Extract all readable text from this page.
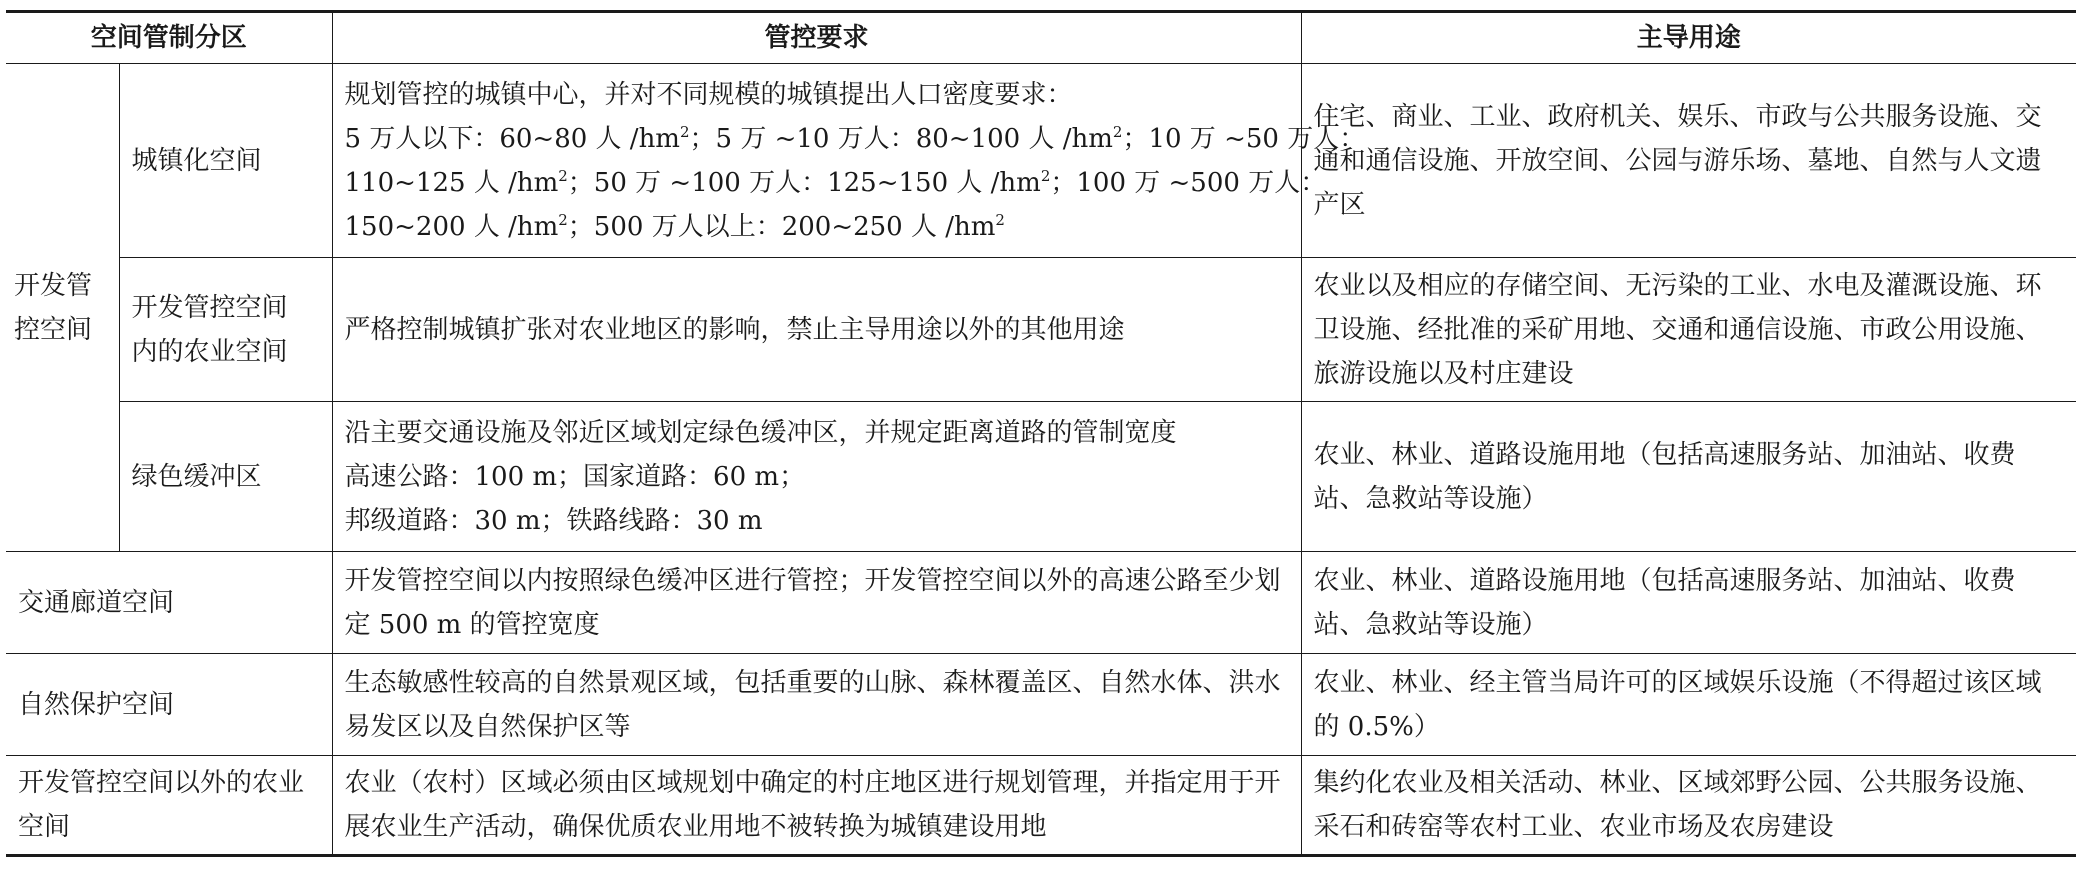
空间管制分区		管控要求	主导用途

开发管
控空间	城镇化空间	规划管控的城镇中心，并对不同规模的城镇提出人口密度要求：
5 万人以下：60~80 人 $/hm^2$；5 万 ~10 万人：80~100 人 $/hm^2$；10 万 ~50 万人：
110~125 人 $/hm^2$；50 万 ~100 万人：125~150 人 $/hm^2$；100 万 ~500 万人：
150~200 人 $/hm^2$；500 万人以上：200~250 人 $/hm^2$	住宅、商业、工业、政府机关、娱乐、市政与公共服务设施、交通和通信设施、开放空间、公园与游乐场、墓地、自然与人文遗产区

	开发管控空间
内的农业空间	严格控制城镇扩张对农业地区的影响，禁止主导用途以外的其他用途	农业以及相应的存储空间、无污染的工业、水电及灌溉设施、环卫设施、经批准的采矿用地、交通和通信设施、市政公用设施、旅游设施以及村庄建设
	绿色缓冲区	沿主要交通设施及邻近区域划定绿色缓冲区，并规定距离道路的管制宽度
高速公路：100 m；国家道路：60 m；
邦级道路：30 m；铁路线路：30 m	农业、林业、道路设施用地（包括高速服务站、加油站、收费站、急救站等设施）
交通廊道空间		开发管控空间以内按照绿色缓冲区进行管控；开发管控空间以外的高速公路至少划定 500 m 的管控宽度	农业、林业、道路设施用地（包括高速服务站、加油站、收费站、急救站等设施）
自然保护空间		生态敏感性较高的自然景观区域，包括重要的山脉、森林覆盖区、自然水体、洪水易发区以及自然保护区等	农业、林业、经主管当局许可的区域娱乐设施（不得超过该区域的 0.5%）
开发管控空间以外的农业空间		农业（农村）区域必须由区域规划中确定的村庄地区进行规划管理，并指定用于开展农业生产活动，确保优质农业用地不被转换为城镇建设用地	集约化农业及相关活动、林业、区域郊野公园、公共服务设施、采石和砖窑等农村工业、农业市场及农房建设
